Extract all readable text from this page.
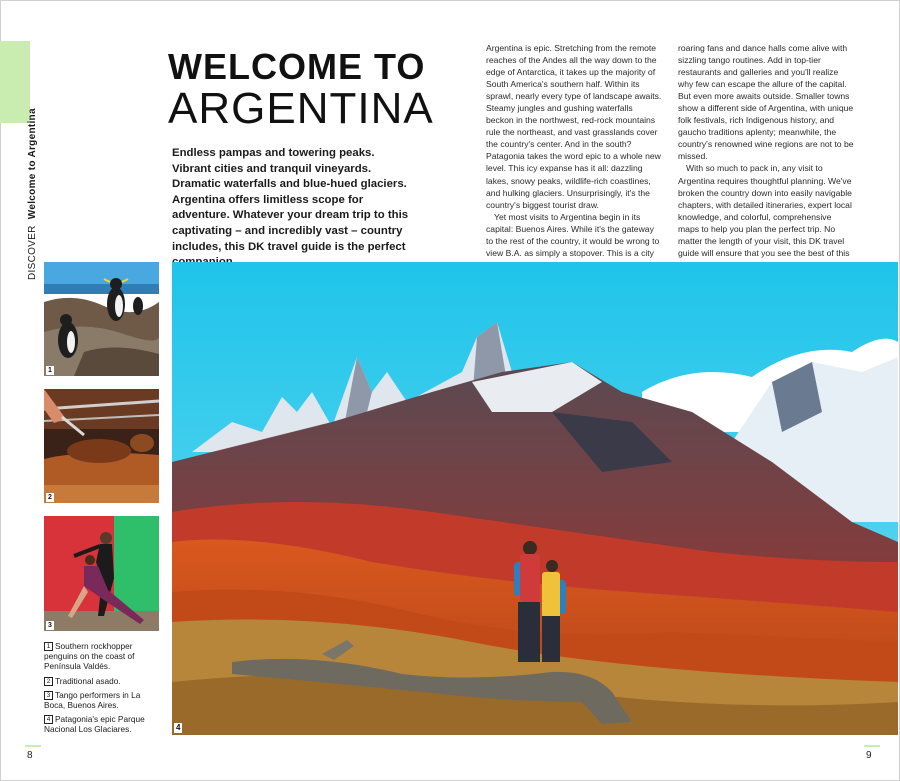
DISCOVER  Welcome to Argentina
WELCOME TO
ARGENTINA
Endless pampas and towering peaks. Vibrant cities and tranquil vineyards. Dramatic waterfalls and blue-hued glaciers. Argentina offers limitless scope for adventure. Whatever your dream trip to this captivating – and incredibly vast – country includes, this DK travel guide is the perfect

Argentina is epic. Stretching from the remote reaches of the Andes all the way down to the edge of Antarctica, it takes up the majority of South America's southern half. Within its sprawl, nearly every type of landscape awaits. Steamy jungles and gushing waterfalls beckon in the northwest, red-rock mountains rule the northeast, and vast grasslands cover the country's center. And in the south? Patagonia takes the word epic to a whole new level. This icy expanse has it all: dazzling lakes, snowy peaks, wildlife-rich coastlines, and hulking glaciers. Unsurprisingly, it's the country's biggest tourist draw.

Yet most visits to Argentina begin in its capital: Buenos Aires. While it's the gateway to the rest of the country, it would be wrong to view B.A. as simply a stopover. This is a city

roaring fans and dance halls come alive with sizzling tango routines. Add in top-tier restaurants and galleries and you'll realize why few can escape the allure of the capital. But even more awaits outside. Smaller towns show a different side of Argentina, with unique folk festivals, rich Indigenous history, and gaucho traditions aplenty; meanwhile, the country's renowned wine regions are not to be missed.

With so much to pack in, any visit to Argentina requires thoughtful planning. We've broken the country down into easily navigable chapters, with detailed itineraries, expert local knowledge, and colorful, comprehensive maps to help you plan the perfect trip. No matter the length of your visit, this DK travel guide will ensure that you see the best of this

1
2
3
4
1 Southern rockhopper penguins on the coast of Península Valdés.
2 Traditional asado.
3 Tango performers in La Boca, Buenos Aires.
4 Patagonia's epic Parque Nacional Los Glaciares.
8	9
